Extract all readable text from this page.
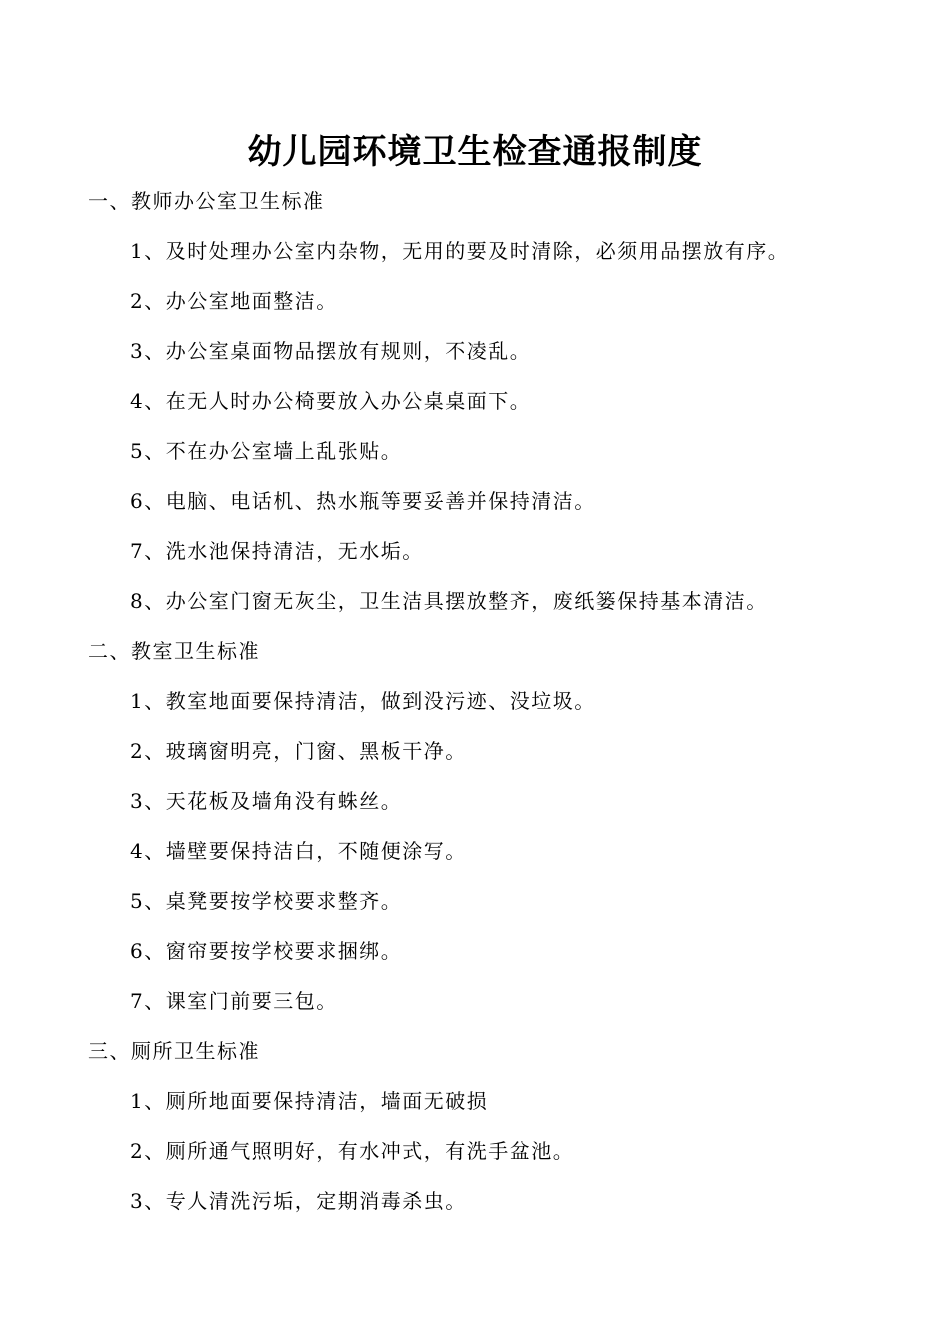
幼儿园环境卫生检查通报制度
一、教师办公室卫生标准
1、及时处理办公室内杂物，无用的要及时清除，必须用品摆放有序。
2、办公室地面整洁。
3、办公室桌面物品摆放有规则，不凌乱。
4、在无人时办公椅要放入办公桌桌面下。
5、不在办公室墙上乱张贴。
6、电脑、电话机、热水瓶等要妥善并保持清洁。
7、洗水池保持清洁，无水垢。
8、办公室门窗无灰尘，卫生洁具摆放整齐，废纸篓保持基本清洁。
二、教室卫生标准
1、教室地面要保持清洁，做到没污迹、没垃圾。
2、玻璃窗明亮，门窗、黑板干净。
3、天花板及墙角没有蛛丝。
4、墙壁要保持洁白，不随便涂写。
5、桌凳要按学校要求整齐。
6、窗帘要按学校要求捆绑。
7、课室门前要三包。
三、厕所卫生标准
1、厕所地面要保持清洁，墙面无破损
2、厕所通气照明好，有水冲式，有洗手盆池。
3、专人清洗污垢，定期消毒杀虫。
